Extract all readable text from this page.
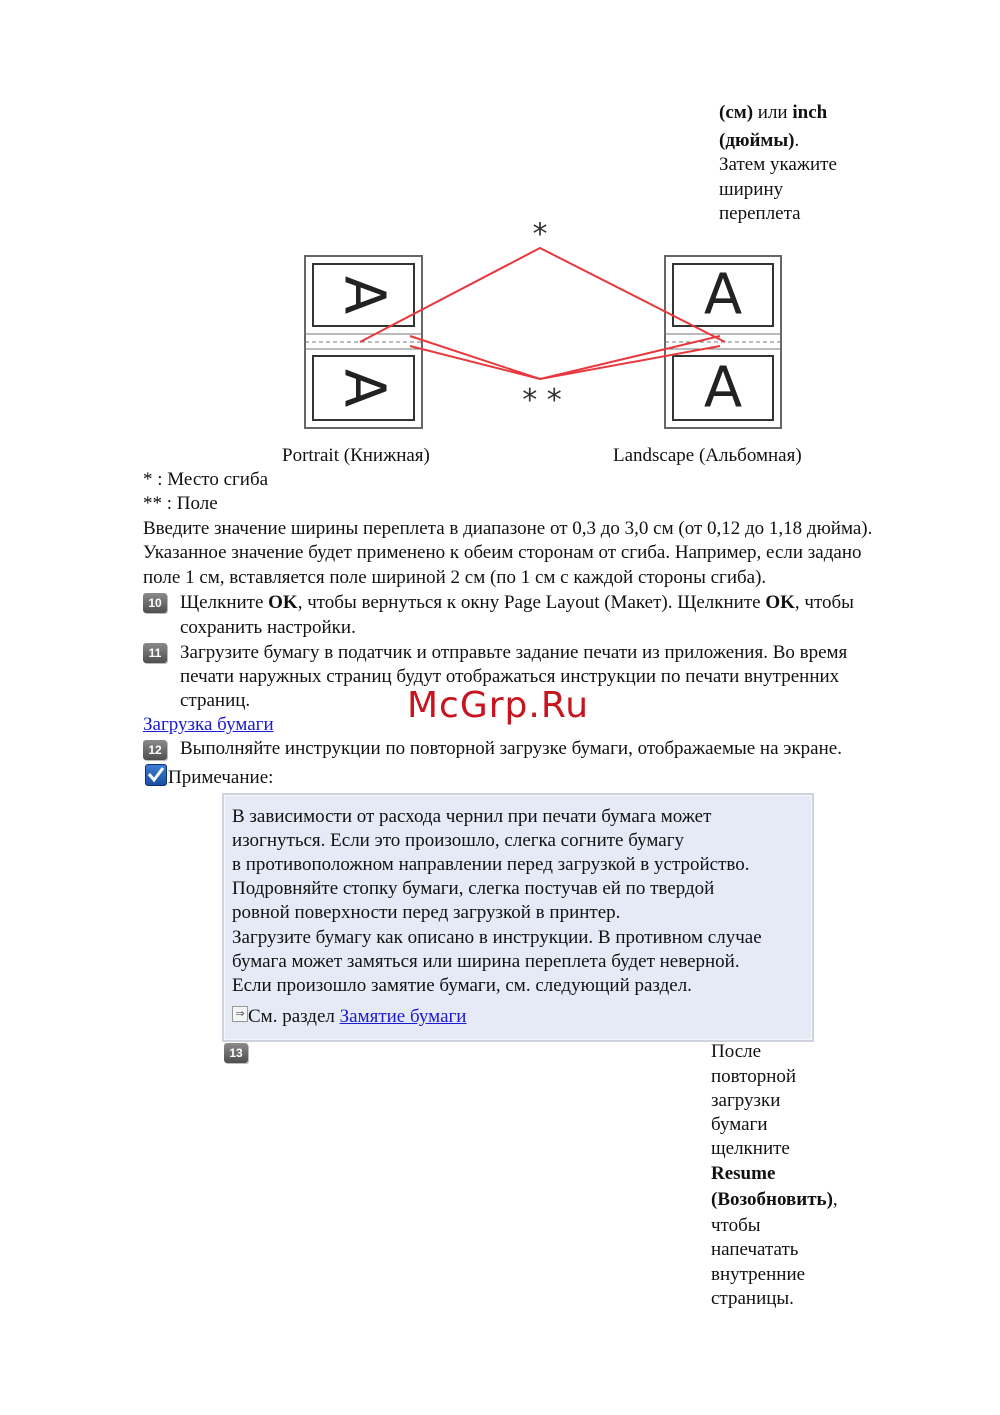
(см) или inch
(дюймы).
Затем укажите
ширину
переплета
A
A
A
A
*
* *
Portrait (Книжная)	Landscape (Альбомная)
* : Место сгиба
** : Поле
Введите значение ширины переплета в диапазоне от 0,3 до 3,0 см (от 0,12 до 1,18 дюйма).
Указанное значение будет применено к обеим сторонам от сгиба. Например, если задано
поле 1 см, вставляется поле шириной 2 см (по 1 см с каждой стороны сгиба).
10 Щелкните OK, чтобы вернуться к окну Page Layout (Макет). Щелкните OK, чтобы
сохранить настройки.
11 Загрузите бумагу в податчик и отправьте задание печати из приложения. Во время
печати наружных страниц будут отображаться инструкции по печати внутренних
страниц.	McGrp.Ru
Загрузка бумаги
12 Выполняйте инструкции по повторной загрузке бумаги, отображаемые на экране.
Примечание:
В зависимости от расхода чернил при печати бумага может
изогнуться. Если это произошло, слегка согните бумагу
в противоположном направлении перед загрузкой в устройство.
Подровняйте стопку бумаги, слегка постучав ей по твердой
ровной поверхности перед загрузкой в принтер.
Загрузите бумагу как описано в инструкции. В противном случае
бумага может замяться или ширина переплета будет неверной.
Если произошло замятие бумаги, см. следующий раздел.
⇒ См. раздел Замятие бумаги
13	После
повторной
загрузки
бумаги
щелкните
Resume
(Возобновить),
чтобы
напечатать
внутренние
страницы.
